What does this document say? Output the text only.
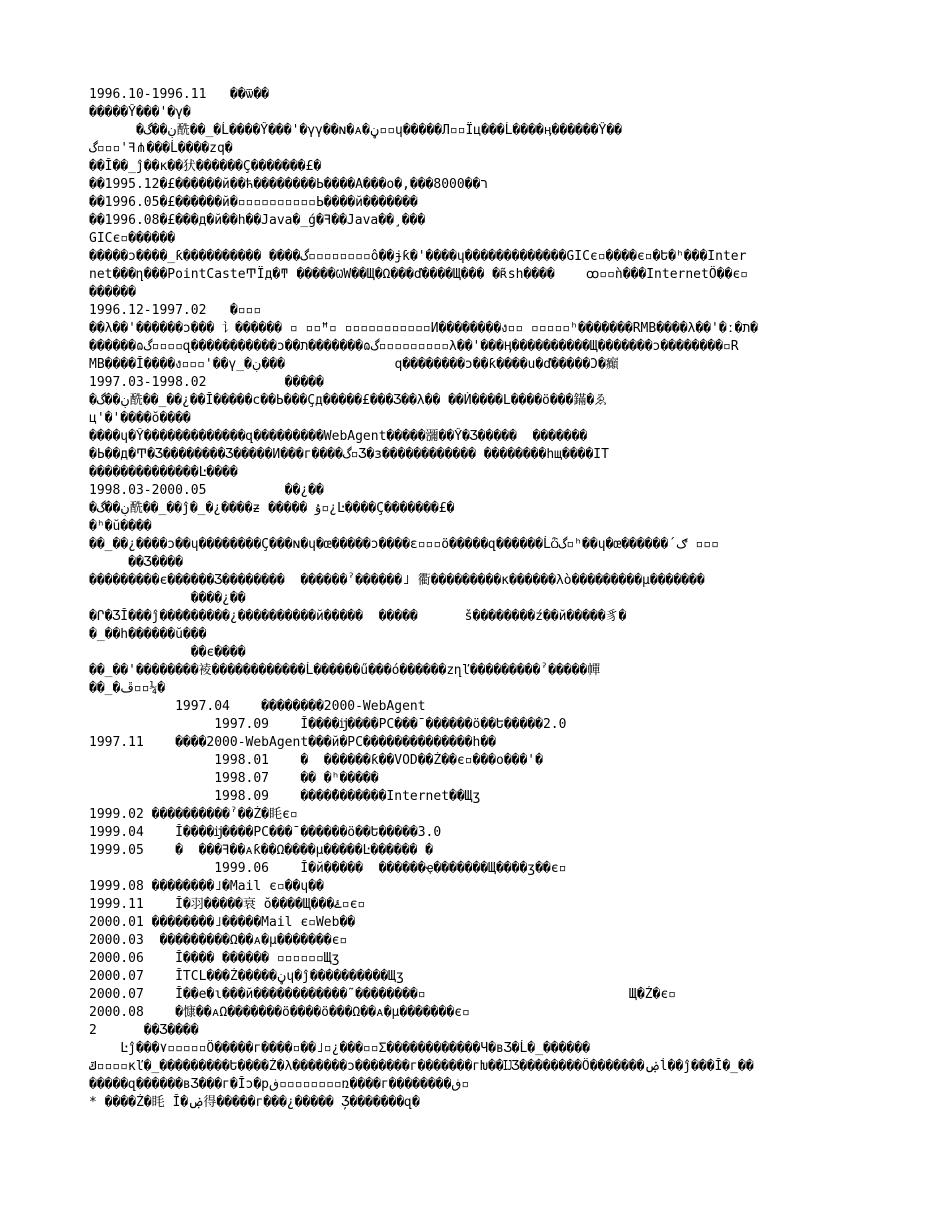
1996.10-1996.11   ��ѿ��
�����Ŷ���'�γ�
�ڹ��گ酰��_�Ĺ����Ŷ���'�γγ��ɴ�ᴀ�ڼ▫▫ɥ�����Л▫▫Їц���Ĺ����ӊ������Ŷ��
گ▫▫▫'ꟻ⋔���Ĺ����zq�
��Ĭ��_ĵ��ĸ��犾������Ç�������£�
��1995.12�£������й��ћ��������Ь����A���о�,���8000��ר
��1996.05�£������й�▫▫▫▫▫▫▫▫▫▫Ь����й�������
��1996.08�£���д�й��h��Java�_ǵ�ꟻ��Java��¸���
GICє▫������
�����ͻ����_ƙ���������� ����گ▫▫▫▫▫▫▫▫ô��ɉƙ�'����ɥ�������������GICє▫����є▫�Ե�ʰ���Inter
net���ղ���PointCasteͲЇд�ͳ �����ѠW��Щ�Ω���ď����Щ��� �ʀ̃sh����    ꝏ▫▫ǹ���InternetÖ��є▫
������
1996.12-1997.02   �▫▫▫
��λ��'������ͻ��� 讠������ ▫ ▫▫ꟸ▫ ▫▫▫▫▫▫▫▫▫▫▫И��������ง▫▫ ▫▫▫▫▫ʰ�������RMB����λ��'�ː�ת�
������ɷگ▫▫▫▫զ�����������ͻ��ת�������ɷگ▫▫▫▫▫▫▫▫▫λ��'���Ӊ����������Щ�������ͻ��������▫R
MB����Ĭ����ง▫▫▫'��ү_�ڹ���              q��������ͻ��ƙ����u�ď�����Ɔ�癲
1997.03-1998.02          �����
�ڹ��گ酰��_��¿��Ĭ�����с��Ь���Çд�����£���Ʒ��λ�� ��Ѝ����L����ö���鏋�ゑ
ц'�'����ŏ����
����ɥ�Ŷ�������������զ���������WebAgent�����瀰��Ŷ�Ʒ�����  �������
�Ь��д�Ͳ�Ʒ��������Ʒ�����И���г����گ▫Ʒ�ɜ������������ ��������hщ����IT
��������������Ŀ����
1998.03-2000.05          ��¿��
�ڹ��گ酰��_��ĵ�_�¿����ƶ ����� ۇ▫¿Ŀ����Ç�������£�
�ʰ�ŭ����
��_��¿����ͻ��ɥ��������Ç���ɴ�ɥ�œ�����ͻ����ɛ▫▫▫ö�����զ������Ĺѽگ▫ʰ��ɥ�œ������´ګ ▫▫▫
��Ʒ����
���������є������Ʒ��������  ������ˀ������˩ 衢���������ĸ������λò���������µ�������
����¿��
�Ր�ƷĬ���ĵ����ٓ�����¿����������й�����  �����      š��������ź��й�����豸�
�_��h������ŭ���
��є����
��_��'��������裬������������Ĺ������ű���ό������zղľ���������ˀ�����幝
��_�ڦ▫▫¼�
1997.04    ��������2000-WebAgent
1997.09    Ĭ����ĳ����PC���¯������ö��Ե�����2.0
1997.11    ����2000-WebAgent���й�PC��������������h��
1998.01    �  ������ƙ��VOD��Ź��є▫���о���'�
1998.07    �� �ʰ�����
1998.09    ����̃�������Internet��Щʒ
1999.02 ����������ˀ��Ź�眊є▫
1999.04    Ĭ����ĳ����PC���¯������ö��Ե�����3.0
1999.05    �  ���ꟻ��ᴀƙ��Ω����µ�����Ŀ������ �
1999.06    Ĭ�й�����  ������ҿ�������Щ����ʒ��є▫
1999.08 ��������˩�Mail є▫��ɥ��
1999.11    Ĭ�羽�����衰 ŏ����Щ���ۓ▫є▫
2000.01 ��������˩�����Mail є▫Web��
2000.03  ���������Ω��ᴀ�µ�������є▫
2000.06    Ĭ���� ������ ▫▫▫▫▫▫Щʒ
2000.07    ĬTCL���Ź�����ڼɥ�ĵ����������Щʒ
2000.07    Ĭ��е�ɩ���й������������̃ ��������▫                          Щ�Ź�є▫
2000.08    �慷��ᴀΩ�������ö����ö���Ω��ᴀ�µ�������є▫
2      ��Ʒ����
Ŀĵ���۷▫▫▫▫▫Ö�����г����▫��˩▫¿���▫▫Σ������������Ч�вƷ�Ĺ�_������
ݿ▫▫▫▫ĸľ�_���������Ե����Ź�λ�������ͻ�������г�������гԽ��ĲƷ��������Ö�������ۻĺ��ĵ���Ĭ�_��
�����զ������вƷ���г�Ĭͻ�рڧ▫▫▫▫▫▫▫▫ռ����г��������ڧ▫
* ����Ź�眊 Ĭ�ۻ得�����г���¿����� ̦Ʒ�������զ�
